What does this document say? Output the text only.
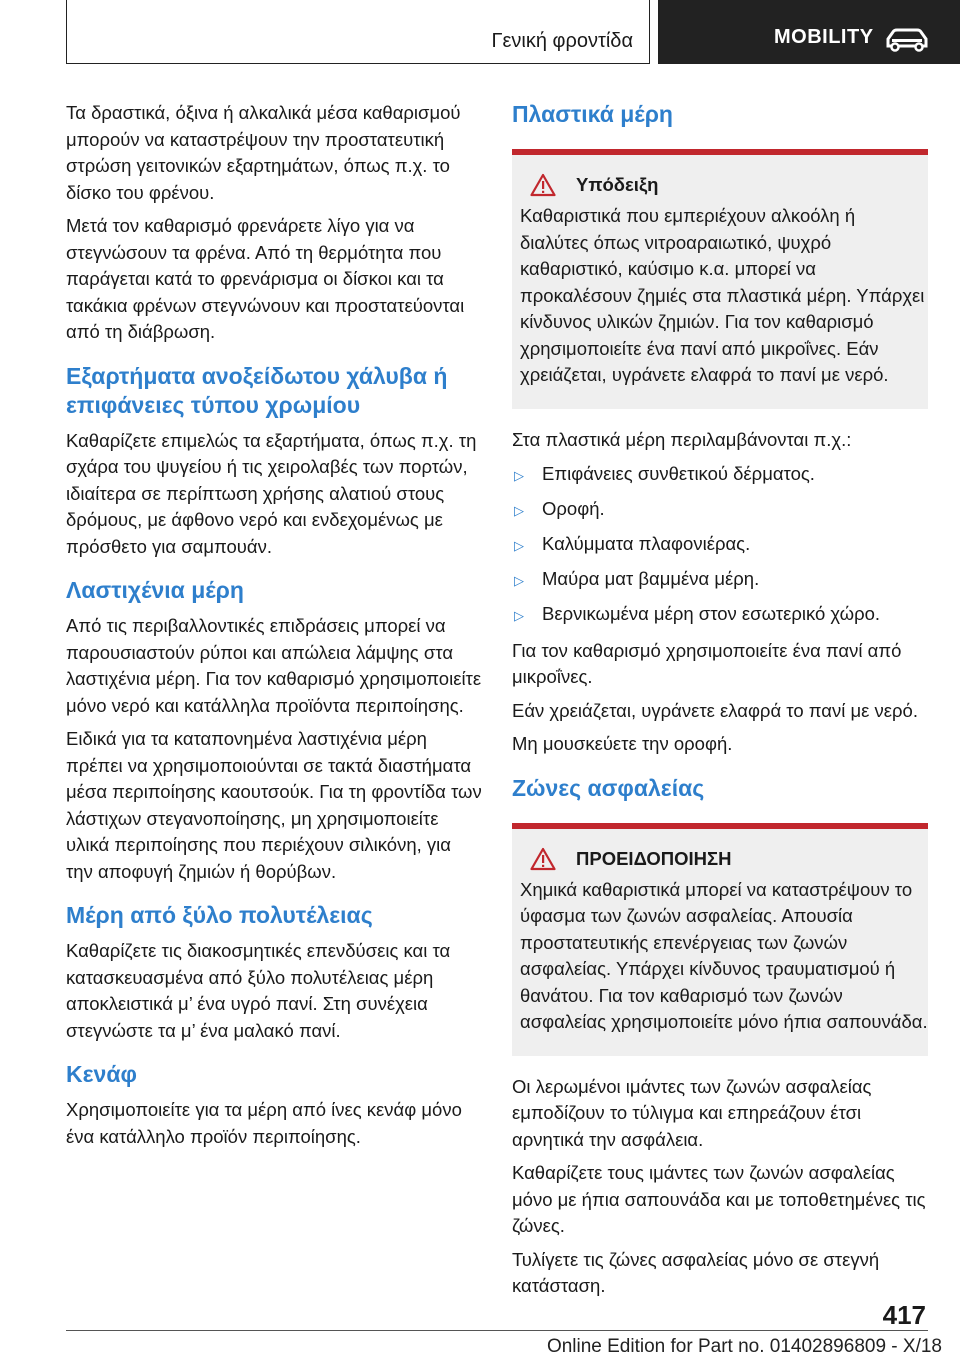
Γενική φροντίδα	MOBILITY

Τα δραστικά, όξινα ή αλκαλικά μέσα καθαρισμού μπορούν να καταστρέψουν την προστατευτική στρώση γειτονικών εξαρτημάτων, όπως π.χ. το δίσκο του φρένου.

Μετά τον καθαρισμό φρενάρετε λίγο για να στεγνώσουν τα φρένα. Από τη θερμότητα που παράγεται κατά το φρενάρισμα οι δίσκοι και τα τακάκια φρένων στεγνώνουν και προστατεύονται από τη διάβρωση.

Εξαρτήματα ανοξείδωτου χάλυβα ή επιφάνειες τύπου χρωμίου

Καθαρίζετε επιμελώς τα εξαρτήματα, όπως π.χ. τη σχάρα του ψυγείου ή τις χειρολαβές των πορτών, ιδιαίτερα σε περίπτωση χρήσης αλατιού στους δρόμους, με άφθονο νερό και ενδεχομένως με πρόσθετο για σαμπουάν.

Λαστιχένια μέρη

Από τις περιβαλλοντικές επιδράσεις μπορεί να παρουσιαστούν ρύποι και απώλεια λάμψης στα λαστιχένια μέρη. Για τον καθαρισμό χρησιμοποιείτε μόνο νερό και κατάλληλα προϊόντα περιποίησης.

Ειδικά για τα καταπονημένα λαστιχένια μέρη πρέπει να χρησιμοποιούνται σε τακτά διαστήματα μέσα περιποίησης καουτσούκ. Για τη φροντίδα των λάστιχων στεγανοποίησης, μη χρησιμοποιείτε υλικά περιποίησης που περιέχουν σιλικόνη, για την αποφυγή ζημιών ή θορύβων.

Μέρη από ξύλο πολυτέλειας

Καθαρίζετε τις διακοσμητικές επενδύσεις και τα κατασκευασμένα από ξύλο πολυτέλειας μέρη αποκλειστικά μ’ ένα υγρό πανί. Στη συνέχεια στεγνώστε τα μ’ ένα μαλακό πανί.

Κενάφ

Χρησιμοποιείτε για τα μέρη από ίνες κενάφ μόνο ένα κατάλληλο προϊόν περιποίησης.

Πλαστικά μέρη
Υπόδειξη

Καθαριστικά που εμπεριέχουν αλκοόλη ή διαλύτες όπως νιτροαραιωτικό, ψυχρό καθαριστικό, καύσιμο κ.α. μπορεί να προκαλέσουν ζημιές στα πλαστικά μέρη. Υπάρχει κίνδυνος υλικών ζημιών. Για τον καθαρισμό χρησιμοποιείτε ένα πανί από μικροΐνες. Εάν χρειάζεται, υγράνετε ελαφρά το πανί με νερό.

Στα πλαστικά μέρη περιλαμβάνονται π.χ.:

▷ Επιφάνειες συνθετικού δέρματος.
▷ Οροφή.
▷ Καλύμματα πλαφονιέρας.
▷ Μαύρα ματ βαμμένα μέρη.
▷ Βερνικωμένα μέρη στον εσωτερικό χώρο.

Για τον καθαρισμό χρησιμοποιείτε ένα πανί από μικροΐνες.

Εάν χρειάζεται, υγράνετε ελαφρά το πανί με νερό.

Μη μουσκεύετε την οροφή.

Ζώνες ασφαλείας
ΠΡΟΕΙΔΟΠΟΙΗΣΗ

Χημικά καθαριστικά μπορεί να καταστρέψουν το ύφασμα των ζωνών ασφαλείας. Απουσία προστατευτικής επενέργειας των ζωνών ασφαλείας. Υπάρχει κίνδυνος τραυματισμού ή θανάτου. Για τον καθαρισμό των ζωνών ασφαλείας χρησιμοποιείτε μόνο ήπια σαπουνάδα.

Οι λερωμένοι ιμάντες των ζωνών ασφαλείας εμποδίζουν το τύλιγμα και επηρεάζουν έτσι αρνητικά την ασφάλεια.

Καθαρίζετε τους ιμάντες των ζωνών ασφαλείας μόνο με ήπια σαπουνάδα και με τοποθετημένες τις ζώνες.

Τυλίγετε τις ζώνες ασφαλείας μόνο σε στεγνή κατάσταση.

417
Online Edition for Part no. 01402896809 - X/18
